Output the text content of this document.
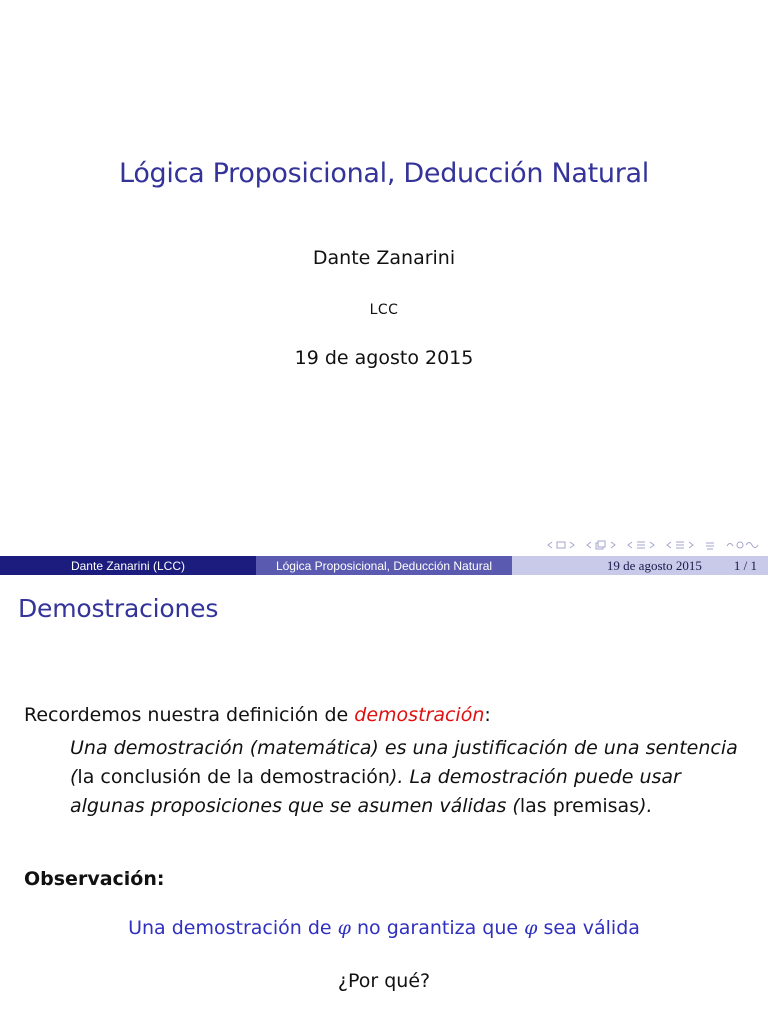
Lógica Proposicional, Deducción Natural
Dante Zanarini
LCC
19 de agosto 2015
Dante Zanarini (LCC)	Lógica Proposicional, Deducción Natural	19 de agosto 2015 1 / 1
Demostraciones
Recordemos nuestra definición de demostración:
Una demostración (matemática) es una justificación de una sentencia (la conclusión de la demostración). La demostración puede usar algunas proposiciones que se asumen válidas (las premisas).
Observación:
Una demostración de φ no garantiza que φ sea válida
¿Por qué?
